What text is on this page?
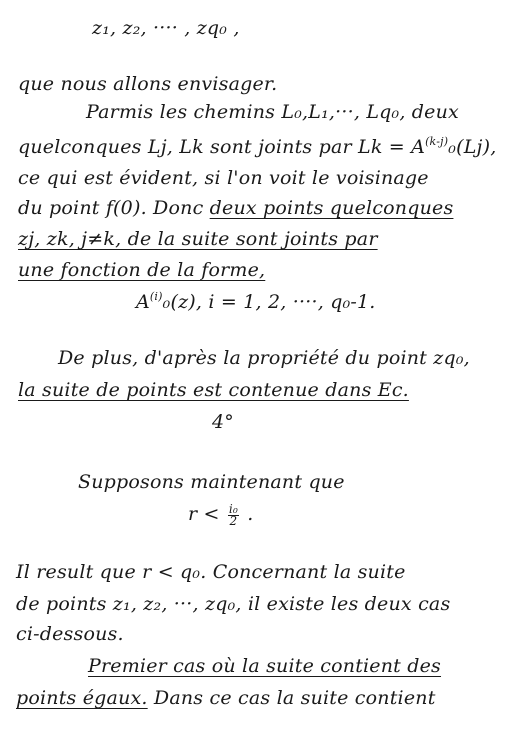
z₁, z₂, ···· , zq₀ ,
que nous allons envisager.
Parmis les chemins L₀,L₁,···, Lq₀, deux
quelconques Lj, Lk sont joints par $Lk = A^{(k-j)}_0(Lj)$,
ce qui est évident, si l'on voit le voisinage
du point f(0). Donc deux points quelconques
zj, zk, j≠k, de la suite sont joints par
une fonction de la forme,
$A^{(i)}_0(z)$, i = 1, 2, ····, q₀-1.
De plus, d'après la propriété du point zq₀,
la suite de points est contenue dans Ec.
4°
Supposons maintenant que
$r < \frac{\text{i₀}}{2}$ .
Il result que r < q₀. Concernant la suite
de points z₁, z₂, ···, zq₀, il existe les deux cas
ci-dessous.
Premier cas où la suite contient des
points égaux. Dans ce cas la suite contient
